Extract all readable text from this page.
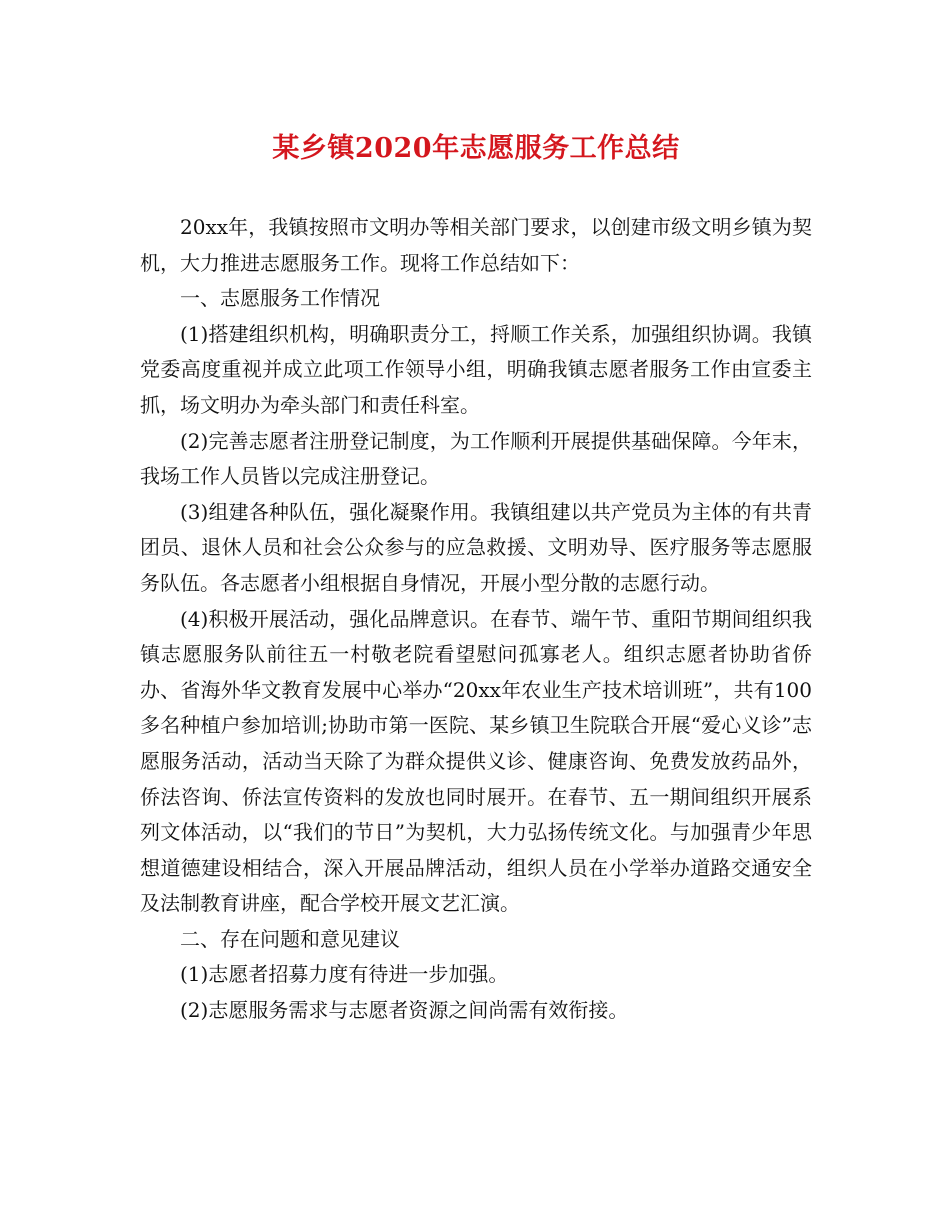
某乡镇2020年志愿服务工作总结

20xx年，我镇按照市文明办等相关部门要求，以创建市级文明乡镇为契机，大力推进志愿服务工作。现将工作总结如下：

一、志愿服务工作情况

(1)搭建组织机构，明确职责分工，捋顺工作关系，加强组织协调。我镇党委高度重视并成立此项工作领导小组，明确我镇志愿者服务工作由宣委主抓，场文明办为牵头部门和责任科室。

(2)完善志愿者注册登记制度，为工作顺利开展提供基础保障。今年末，我场工作人员皆以完成注册登记。

(3)组建各种队伍，强化凝聚作用。我镇组建以共产党员为主体的有共青团员、退休人员和社会公众参与的应急救援、文明劝导、医疗服务等志愿服务队伍。各志愿者小组根据自身情况，开展小型分散的志愿行动。

(4)积极开展活动，强化品牌意识。在春节、端午节、重阳节期间组织我镇志愿服务队前往五一村敬老院看望慰问孤寡老人。组织志愿者协助省侨办、省海外华文教育发展中心举办“20xx年农业生产技术培训班”，共有100多名种植户参加培训;协助市第一医院、某乡镇卫生院联合开展“爱心义诊”志愿服务活动，活动当天除了为群众提供义诊、健康咨询、免费发放药品外，侨法咨询、侨法宣传资料的发放也同时展开。在春节、五一期间组织开展系列文体活动，以“我们的节日”为契机，大力弘扬传统文化。与加强青少年思想道德建设相结合，深入开展品牌活动，组织人员在小学举办道路交通安全及法制教育讲座，配合学校开展文艺汇演。

二、存在问题和意见建议

(1)志愿者招募力度有待进一步加强。

(2)志愿服务需求与志愿者资源之间尚需有效衔接。
